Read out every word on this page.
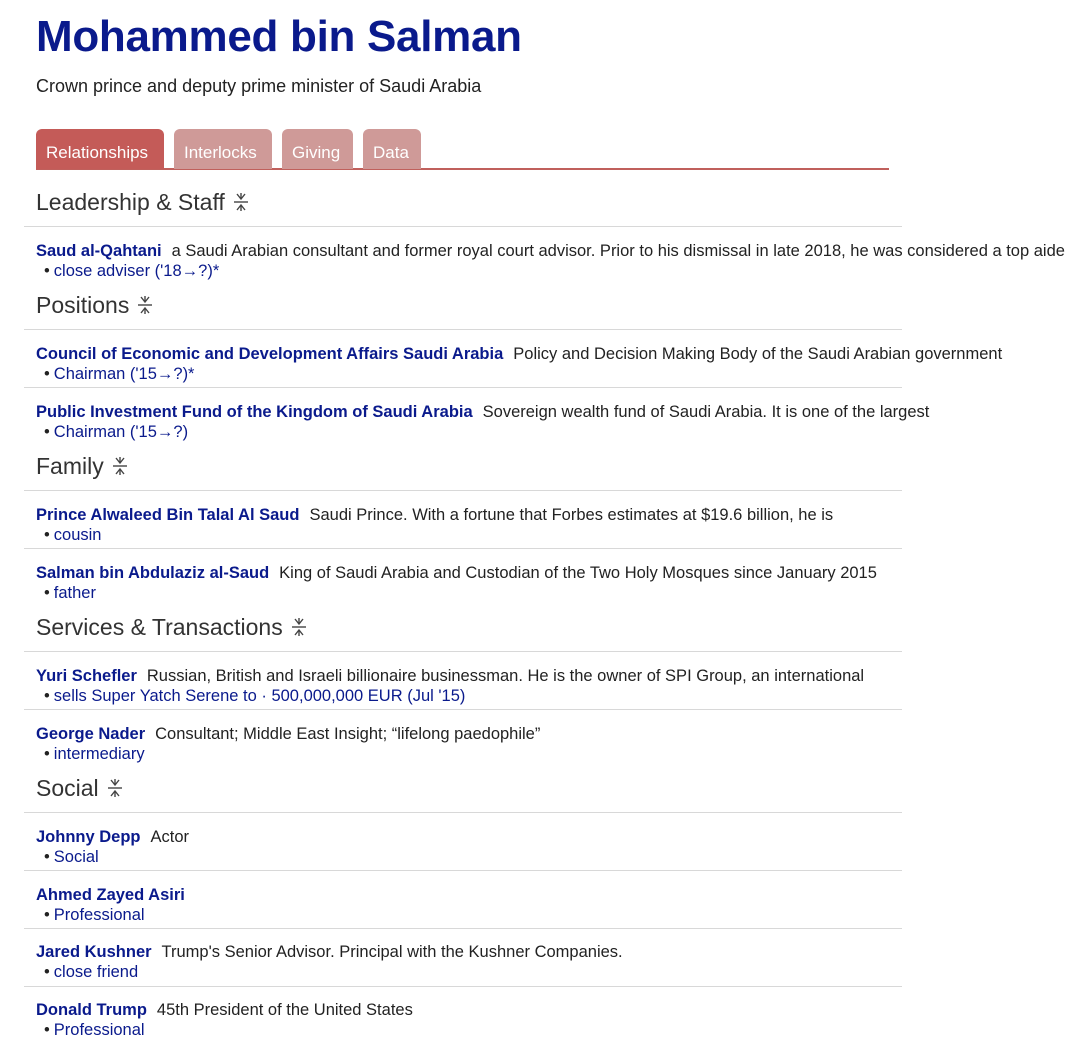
Mohammed bin Salman
Crown prince and deputy prime minister of Saudi Arabia
Relationships	Interlocks	Giving	Data
Leadership & Staff
Saud al-Qahtani a Saudi Arabian consultant and former royal court advisor. Prior to his dismissal in late 2018, he was considered a top aide
• close adviser ('18→?)*
Positions
Council of Economic and Development Affairs Saudi Arabia Policy and Decision Making Body of the Saudi Arabian government
• Chairman ('15→?)*
Public Investment Fund of the Kingdom of Saudi Arabia Sovereign wealth fund of Saudi Arabia. It is one of the largest
• Chairman ('15→?)
Family
Prince Alwaleed Bin Talal Al Saud Saudi Prince. With a fortune that Forbes estimates at $19.6 billion, he is
• cousin
Salman bin Abdulaziz al-Saud King of Saudi Arabia and Custodian of the Two Holy Mosques since January 2015
• father
Services & Transactions
Yuri Schefler Russian, British and Israeli billionaire businessman. He is the owner of SPI Group, an international
• sells Super Yatch Serene to · 500,000,000 EUR (Jul '15)
George Nader Consultant; Middle East Insight; “lifelong paedophile”
• intermediary
Social
Johnny Depp Actor
• Social
Ahmed Zayed Asiri
• Professional
Jared Kushner Trump's Senior Advisor. Principal with the Kushner Companies.
• close friend
Donald Trump 45th President of the United States
• Professional
